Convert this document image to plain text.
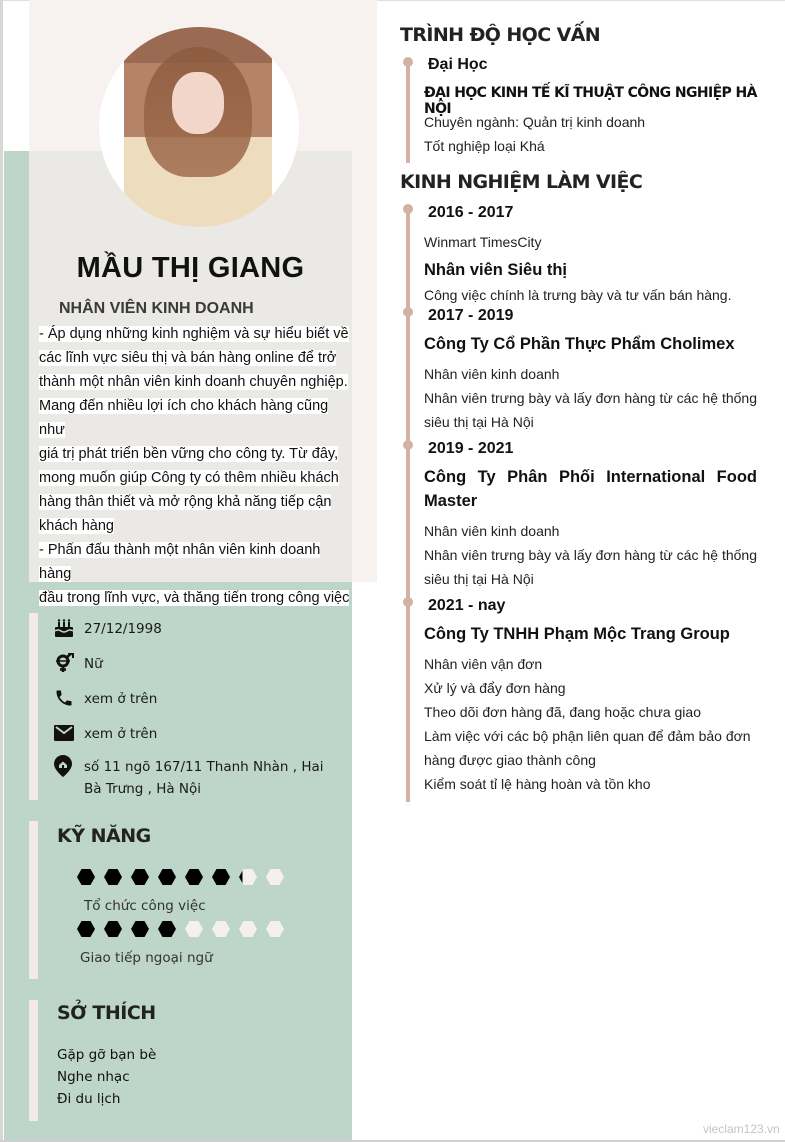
MẦU THỊ GIANG
NHÂN VIÊN KINH DOANH
- Áp dụng những kinh nghiệm và sự hiểu biết về
các lĩnh vực siêu thị và bán hàng online để trở
thành một nhân viên kinh doanh chuyên nghiệp.
Mang đến nhiều lợi ích cho khách hàng cũng như
giá trị phát triển bền vững cho công ty. Từ đây,
mong muốn giúp Công ty có thêm nhiều khách
hàng thân thiết và mở rộng khả năng tiếp cận
khách hàng
- Phấn đấu thành một nhân viên kinh doanh hàng
đầu trong lĩnh vực, và thăng tiến trong công việc
27/12/1998
Nữ
xem ở trên
xem ở trên
số 11 ngõ 167/11 Thanh Nhàn , Hai
Bà Trưng , Hà Nội
KỸ NĂNG
Tổ chức công việc
Giao tiếp ngoại ngữ
SỞ THÍCH
Gặp gỡ bạn bè
Nghe nhạc
Đi du lịch
TRÌNH ĐỘ HỌC VẤN
Đại Học
ĐẠI HỌC KINH TẾ KĨ THUẬT CÔNG NGHIỆP HÀ NỘI
Chuyên ngành: Quản trị kinh doanh
Tốt nghiệp loại Khá
KINH NGHIỆM LÀM VIỆC
2016 - 2017
Winmart TimesCity
Nhân viên Siêu thị
Công việc chính là trưng bày và tư vấn bán hàng.
2017 - 2019
Công Ty Cổ Phần Thực Phẩm Cholimex
Nhân viên kinh doanh
Nhân viên trưng bày và lấy đơn hàng từ các hệ thống siêu thị tại Hà Nội
2019 - 2021
Công Ty Phân Phối International Food Master
Nhân viên kinh doanh
Nhân viên trưng bày và lấy đơn hàng từ các hệ thống siêu thị tại Hà Nội
2021 - nay
Công Ty TNHH Phạm Mộc Trang Group
Nhân viên vận đơn
Xử lý và đẩy đơn hàng
Theo dõi đơn hàng đã, đang hoặc chưa giao
Làm việc với các bộ phận liên quan để đảm bảo đơn hàng được giao thành công
Kiểm soát tỉ lệ hàng hoàn và tồn kho
vieclam123.vn
